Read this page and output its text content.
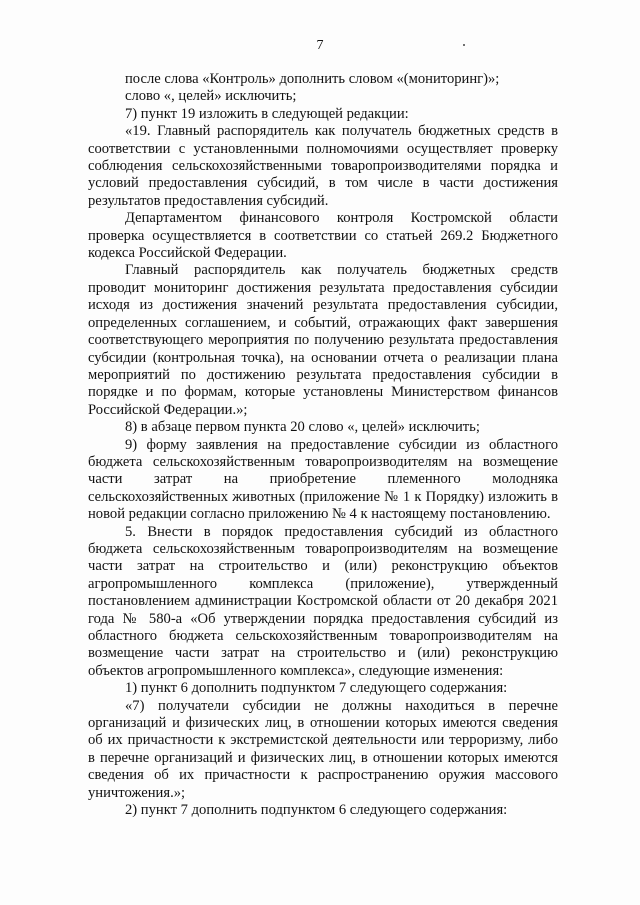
7

после слова «Контроль» дополнить словом «(мониторинг)»;

слово «, целей» исключить;

7) пункт 19 изложить в следующей редакции:

«19. Главный распорядитель как получатель бюджетных средств в соответствии с установленными полномочиями осуществляет проверку соблюдения сельскохозяйственными товаропроизводителями порядка и условий предоставления субсидий, в том числе в части достижения результатов предоставления субсидий.

Департаментом финансового контроля Костромской области проверка осуществляется в соответствии со статьей 269.2 Бюджетного кодекса Российской Федерации.

Главный распорядитель как получатель бюджетных средств проводит мониторинг достижения результата предоставления субсидии исходя из достижения значений результата предоставления субсидии, определенных соглашением, и событий, отражающих факт завершения соответствующего мероприятия по получению результата предоставления субсидии (контрольная точка), на основании отчета о реализации плана мероприятий по достижению результата предоставления субсидии в порядке и по формам, которые установлены Министерством финансов Российской Федерации.»;

8) в абзаце первом пункта 20 слово «, целей» исключить;

9) форму заявления на предоставление субсидии из областного бюджета сельскохозяйственным товаропроизводителям на возмещение части затрат на приобретение племенного молодняка сельскохозяйственных животных (приложение № 1 к Порядку) изложить в новой редакции согласно приложению № 4 к настоящему постановлению.

5. Внести в порядок предоставления субсидий из областного бюджета сельскохозяйственным товаропроизводителям на возмещение части затрат на строительство и (или) реконструкцию объектов агропромышленного комплекса (приложение), утвержденный постановлением администрации Костромской области от 20 декабря 2021 года № 580-а «Об утверждении порядка предоставления субсидий из областного бюджета сельскохозяйственным товаропроизводителям на возмещение части затрат на строительство и (или) реконструкцию объектов агропромышленного комплекса», следующие изменения:

1) пункт 6 дополнить подпунктом 7 следующего содержания:

«7) получатели субсидии не должны находиться в перечне организаций и физических лиц, в отношении которых имеются сведения об их причастности к экстремистской деятельности или терроризму, либо в перечне организаций и физических лиц, в отношении которых имеются сведения об их причастности к распространению оружия массового уничтожения.»;

2) пункт 7 дополнить подпунктом 6 следующего содержания:
